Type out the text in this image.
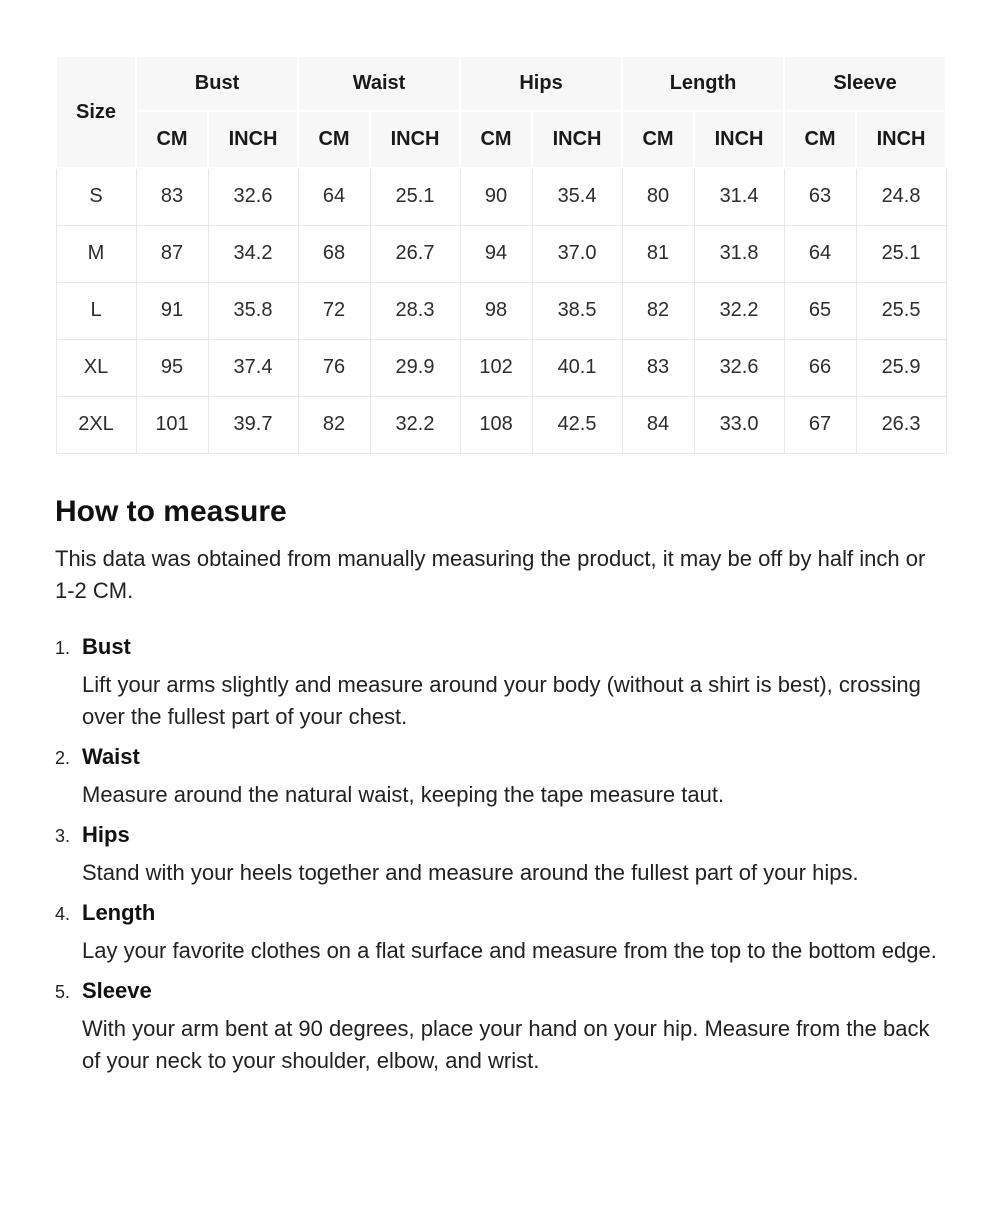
Size	Bust		Waist		Hips		Length		Sleeve	
	CM	INCH	CM	INCH	CM	INCH	CM	INCH	CM	INCH
S	83	32.6	64	25.1	90	35.4	80	31.4	63	24.8
M	87	34.2	68	26.7	94	37.0	81	31.8	64	25.1
L	91	35.8	72	28.3	98	38.5	82	32.2	65	25.5
XL	95	37.4	76	29.9	102	40.1	83	32.6	66	25.9
2XL	101	39.7	82	32.2	108	42.5	84	33.0	67	26.3
How to measure

This data was obtained from manually measuring the product, it may be off by half inch or 1-2 CM.

1. Bust

Lift your arms slightly and measure around your body (without a shirt is best), crossing over the fullest part of your chest.

2. Waist

Measure around the natural waist, keeping the tape measure taut.

3. Hips

Stand with your heels together and measure around the fullest part of your hips.

4. Length

Lay your favorite clothes on a flat surface and measure from the top to the bottom edge.

5. Sleeve

With your arm bent at 90 degrees, place your hand on your hip. Measure from the back of your neck to your shoulder, elbow, and wrist.
